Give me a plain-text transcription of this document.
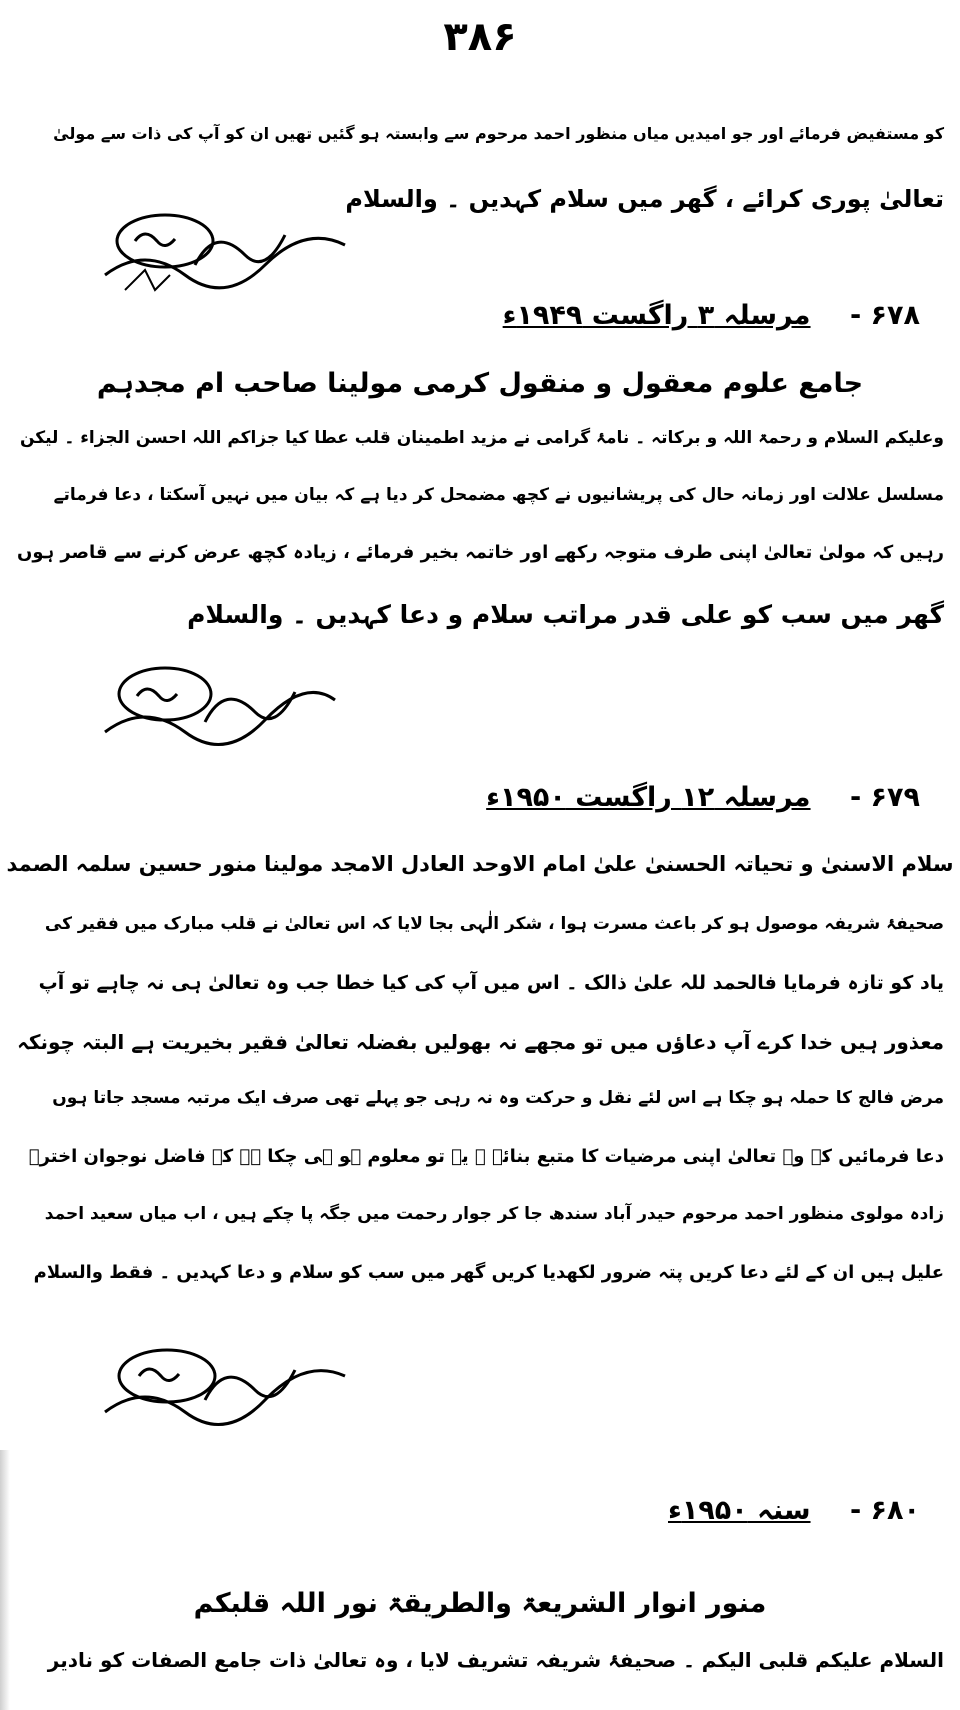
۳۸۶
کو مستفیض فرمائے اور جو امیدیں میاں منظور احمد مرحوم سے وابستہ ہو گئیں تھیں ان کو آپ کی ذات سے مولیٰ
تعالیٰ پوری کرائے ، گھر میں سلام کہدیں ۔ والسلام
۶۷۸ - مرسلہ ۳ راگست ۱۹۴۹ء
جامع علوم معقول و منقول کرمی مولینا صاحب ام مجدہم
وعلیکم السلام و رحمۃ اللہ و برکاتہ ۔ نامۂ گرامی نے مزید اطمینان قلب عطا کیا جزاکم اللہ احسن الجزاء ۔ لیکن
مسلسل علالت اور زمانہ حال کی پریشانیوں نے کچھ مضمحل کر دیا ہے کہ بیان میں نہیں آسکتا ، دعا فرماتے
رہیں کہ مولیٰ تعالیٰ اپنی طرف متوجہ رکھے اور خاتمہ بخیر فرمائے ، زیادہ کچھ عرض کرنے سے قاصر ہوں
گھر میں سب کو علی قدر مراتب سلام و دعا کہدیں ۔ والسلام
۶۷۹ - مرسلہ ۱۲ راگست ۱۹۵۰ء
سلام الاسنیٰ و تحیاتہ الحسنیٰ علیٰ امام الاوحد العادل الامجد مولینا منور حسین سلمہ الصمد
صحیفۂ شریفہ موصول ہو کر باعث مسرت ہوا ، شکر الٰہی بجا لایا کہ اس تعالیٰ نے قلب مبارک میں فقیر کی
یاد کو تازہ فرمایا فالحمد للہ علیٰ ذالک ۔ اس میں آپ کی کیا خطا جب وہ تعالیٰ ہی نہ چاہے تو آپ
معذور ہیں خدا کرے آپ دعاؤں میں تو مجھے نہ بھولیں بفضلہ تعالیٰ فقیر بخیریت ہے البتہ چونکہ
مرض فالج کا حملہ ہو چکا ہے اس لئے نقل و حرکت وہ نہ رہی جو پہلے تھی صرف ایک مرتبہ مسجد جاتا ہوں
دعا فرمائیں کہ وہ تعالیٰ اپنی مرضیات کا متبع بنائے ۔ یہ تو معلوم ہو ہی چکا ہے کہ فاضل نوجوان اخترؔ
زادہ مولوی منظور احمد مرحوم حیدر آباد سندھ جا کر جوار رحمت میں جگہ پا چکے ہیں ، اب میاں سعید احمد
علیل ہیں ان کے لئے دعا کریں پتہ ضرور لکھدیا کریں گھر میں سب کو سلام و دعا کہدیں ۔ فقط والسلام
۶۸۰ - سنہ ۱۹۵۰ء
منور انوار الشریعۃ والطریقۃ نور اللہ قلبکم
السلام علیکم قلبی الیکم ۔ صحیفۂ شریفہ تشریف لایا ، وہ تعالیٰ ذات جامع الصفات کو نادیر
